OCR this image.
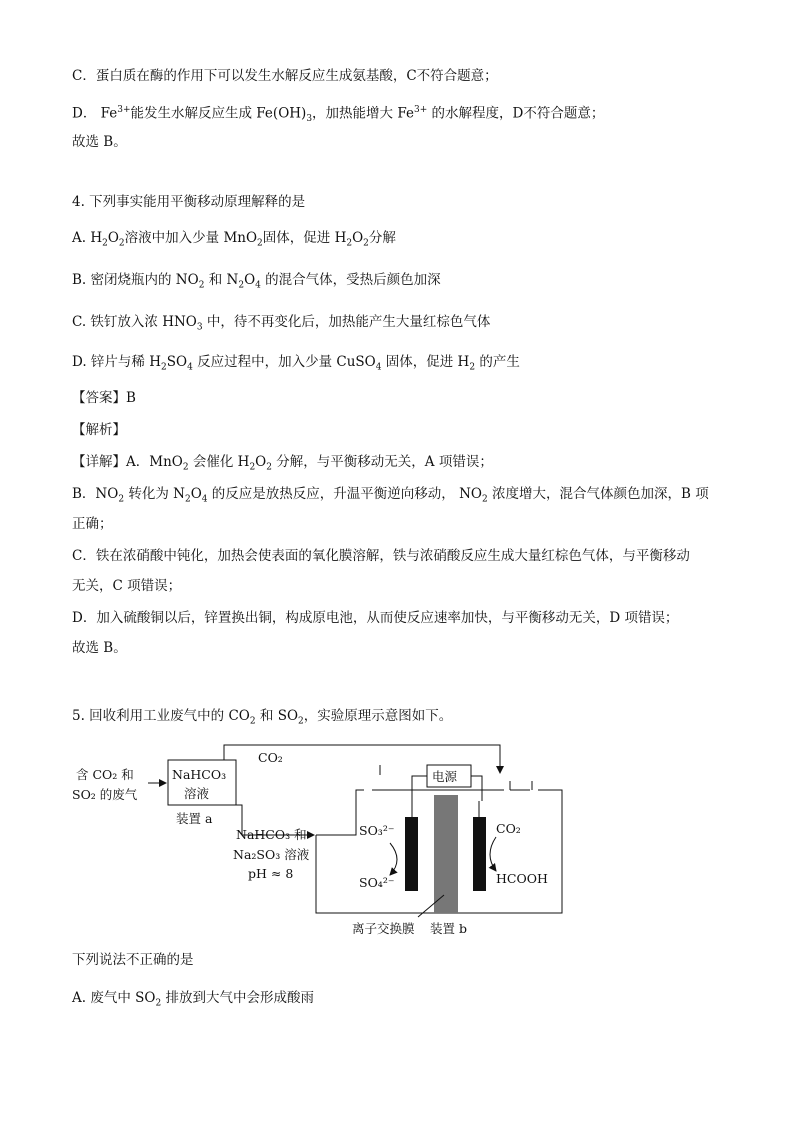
C．蛋白质在酶的作用下可以发生水解反应生成氨基酸，C不符合题意；
D． $Fe^{3+}$能发生水解反应生成 $Fe(OH)_3$，加热能增大 $Fe^{3+}$ 的水解程度，D不符合题意；
故选 B。
4. 下列事实能用平衡移动原理解释的是
A. $H_2O_2$溶液中加入少量 MnO$_2$固体，促进 $H_2O_2$分解
B. 密闭烧瓶内的 $NO_2$ 和 $N_2O_4$ 的混合气体，受热后颜色加深
C. 铁钉放入浓 $HNO_3$ 中，待不再变化后，加热能产生大量红棕色气体
D. 锌片与稀 $H_2SO_4$ 反应过程中，加入少量 CuSO$_4$ 固体，促进 $H_2$ 的产生
【答案】B
【解析】
【详解】A．MnO$_2$ 会催化 $H_2O_2$ 分解，与平衡移动无关，A 项错误；
B．$NO_2$ 转化为 $N_2O_4$ 的反应是放热反应，升温平衡逆向移动， $NO_2$ 浓度增大，混合气体颜色加深，B 项
正确；
C．铁在浓硝酸中钝化，加热会使表面的氧化膜溶解，铁与浓硝酸反应生成大量红棕色气体，与平衡移动
无关，C 项错误；
D．加入硫酸铜以后，锌置换出铜，构成原电池，从而使反应速率加快，与平衡移动无关，D 项错误；
故选 B。
5. 回收利用工业废气中的 $CO_2$ 和 $SO_2$，实验原理示意图如下。
含 CO₂ 和
SO₂ 的废气
NaHCO₃
溶液
装置 a
CO₂
NaHCO₃ 和
Na₂SO₃ 溶液
pH ≈ 8
电源
SO₃²⁻
SO₄²⁻
CO₂
HCOOH
离子交换膜 装置 b
下列说法不正确的是
A. 废气中 $SO_2$ 排放到大气中会形成酸雨
